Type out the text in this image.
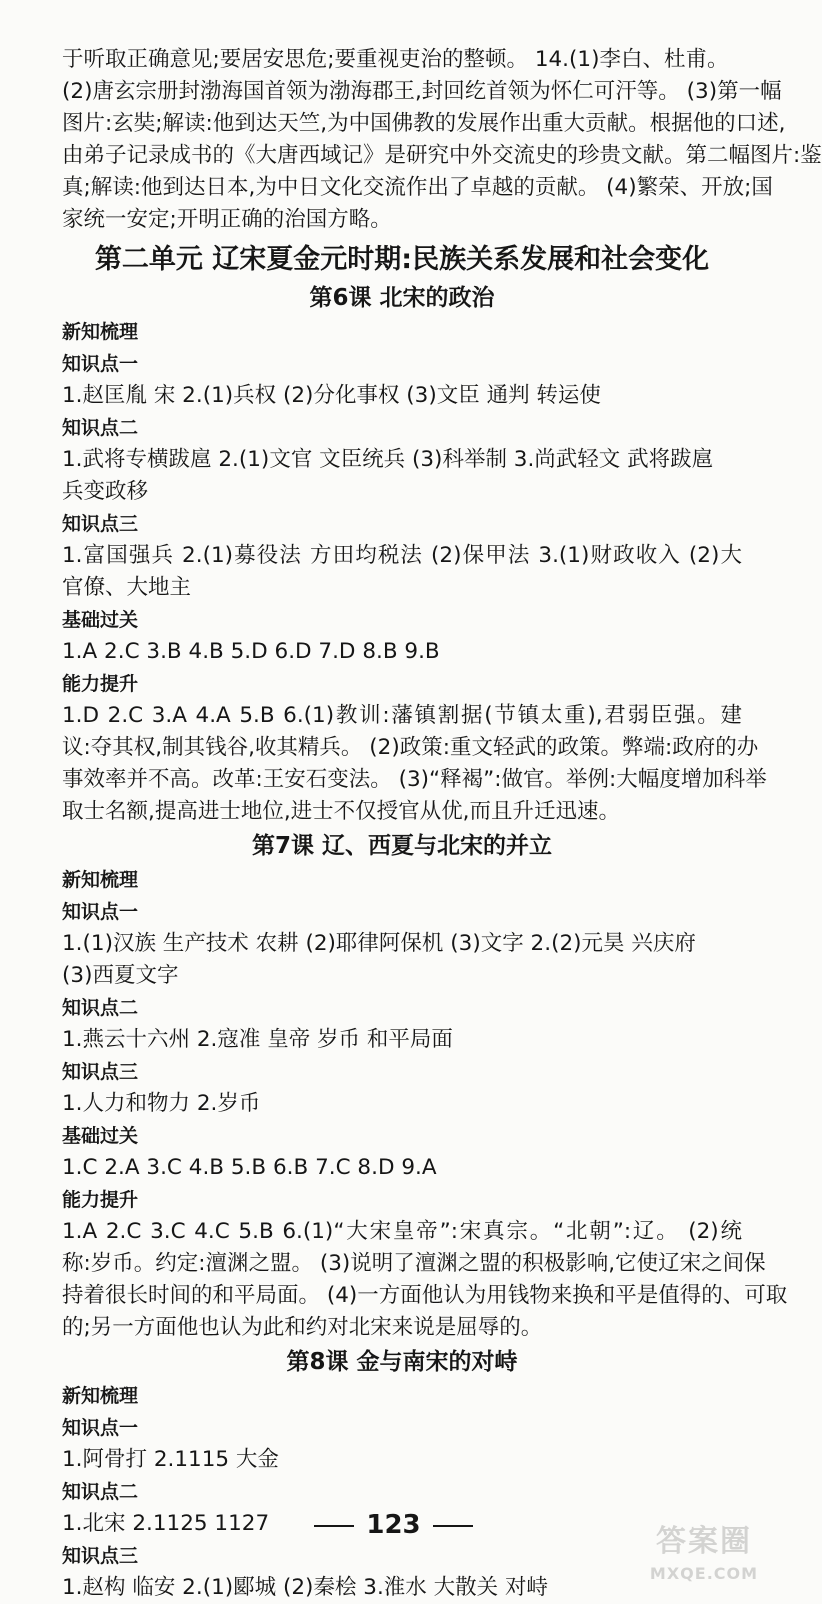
于听取正确意见;要居安思危;要重视吏治的整顿。 14.(1)李白、杜甫。
(2)唐玄宗册封渤海国首领为渤海郡王,封回纥首领为怀仁可汗等。 (3)第一幅
图片:玄奘;解读:他到达天竺,为中国佛教的发展作出重大贡献。根据他的口述,
由弟子记录成书的《大唐西域记》是研究中外交流史的珍贵文献。第二幅图片:鉴
真;解读:他到达日本,为中日文化交流作出了卓越的贡献。 (4)繁荣、开放;国
家统一安定;开明正确的治国方略。
第二单元 辽宋夏金元时期:民族关系发展和社会变化
第6课 北宋的政治
新知梳理
知识点一
1.赵匡胤 宋 2.(1)兵权 (2)分化事权 (3)文臣 通判 转运使
知识点二
1.武将专横跋扈 2.(1)文官 文臣统兵 (3)科举制 3.尚武轻文 武将跋扈
兵变政移
知识点三
1.富国强兵 2.(1)募役法 方田均税法 (2)保甲法 3.(1)财政收入 (2)大
官僚、大地主
基础过关
1.A 2.C 3.B 4.B 5.D 6.D 7.D 8.B 9.B
能力提升
1.D 2.C 3.A 4.A 5.B 6.(1)教训:藩镇割据(节镇太重),君弱臣强。建
议:夺其权,制其钱谷,收其精兵。 (2)政策:重文轻武的政策。弊端:政府的办
事效率并不高。改革:王安石变法。 (3)“释褐”:做官。举例:大幅度增加科举
取士名额,提高进士地位,进士不仅授官从优,而且升迁迅速。
第7课 辽、西夏与北宋的并立
新知梳理
知识点一
1.(1)汉族 生产技术 农耕 (2)耶律阿保机 (3)文字 2.(2)元昊 兴庆府
(3)西夏文字
知识点二
1.燕云十六州 2.寇准 皇帝 岁币 和平局面
知识点三
1.人力和物力 2.岁币
基础过关
1.C 2.A 3.C 4.B 5.B 6.B 7.C 8.D 9.A
能力提升
1.A 2.C 3.C 4.C 5.B 6.(1)“大宋皇帝”:宋真宗。“北朝”:辽。 (2)统
称:岁币。约定:澶渊之盟。 (3)说明了澶渊之盟的积极影响,它使辽宋之间保
持着很长时间的和平局面。 (4)一方面他认为用钱物来换和平是值得的、可取
的;另一方面他也认为此和约对北宋来说是屈辱的。
第8课 金与南宋的对峙
新知梳理
知识点一
1.阿骨打 2.1115 大金
知识点二
1.北宋 2.1125 1127
知识点三
1.赵构 临安 2.(1)郾城 (2)秦桧 3.淮水 大散关 对峙
123	答案圈
MXQE.COM
